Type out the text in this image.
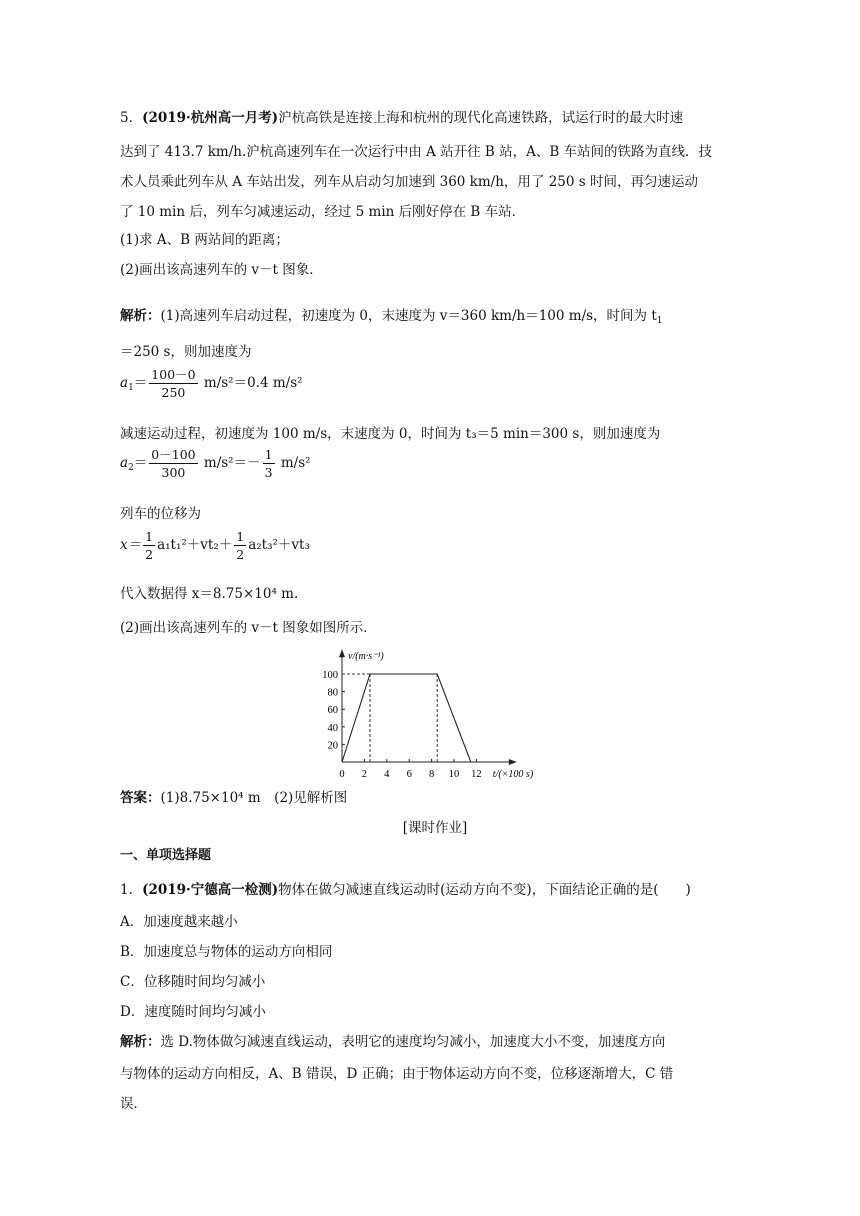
5．(2019·杭州高一月考)沪杭高铁是连接上海和杭州的现代化高速铁路，试运行时的最大时速
达到了 413.7 km/h.沪杭高速列车在一次运行中由 A 站开往 B 站，A、B 车站间的铁路为直线．技
术人员乘此列车从 A 车站出发，列车从启动匀加速到 360 km/h，用了 250 s 时间，再匀速运动
了 10 min 后，列车匀减速运动，经过 5 min 后刚好停在 B 车站．
(1)求 A、B 两站间的距离；
(2)画出该高速列车的 v－t 图象．
解析：(1)高速列车启动过程，初速度为 0，末速度为 v＝360 km/h＝100 m/s，时间为 $t_1$
＝250 s，则加速度为
$a_1= \frac{100-0}{250} m/s^2=0.4$ m/s²
减速运动过程，初速度为 100 m/s，末速度为 0，时间为 t₃＝5 min＝300 s，则加速度为
$a_2= \frac{0-100}{300} m/s^2=- \frac{1}{3} m/s^2$
列车的位移为
$x= \frac{1}{2} a_1t_1^2+vt_2+ \frac{1}{2} a_2t_3^2+vt_3$
代入数据得 x＝8.75×10⁴ m.
(2)画出该高速列车的 v－t 图象如图所示．
v/(m·s⁻¹)
t/(×100 s)
0 2 4 6 8 10 12
20
40
60
80
100
答案：(1)8.75×10⁴ m　(2)见解析图
[课时作业]
一、单项选择题
1．(2019·宁德高一检测)物体在做匀减速直线运动时(运动方向不变)，下面结论正确的是(　　)
A．加速度越来越小
B．加速度总与物体的运动方向相同
C．位移随时间均匀减小
D．速度随时间均匀减小
解析：选 D.物体做匀减速直线运动，表明它的速度均匀减小，加速度大小不变，加速度方向
与物体的运动方向相反，A、B 错误，D 正确；由于物体运动方向不变，位移逐渐增大，C 错
误．
